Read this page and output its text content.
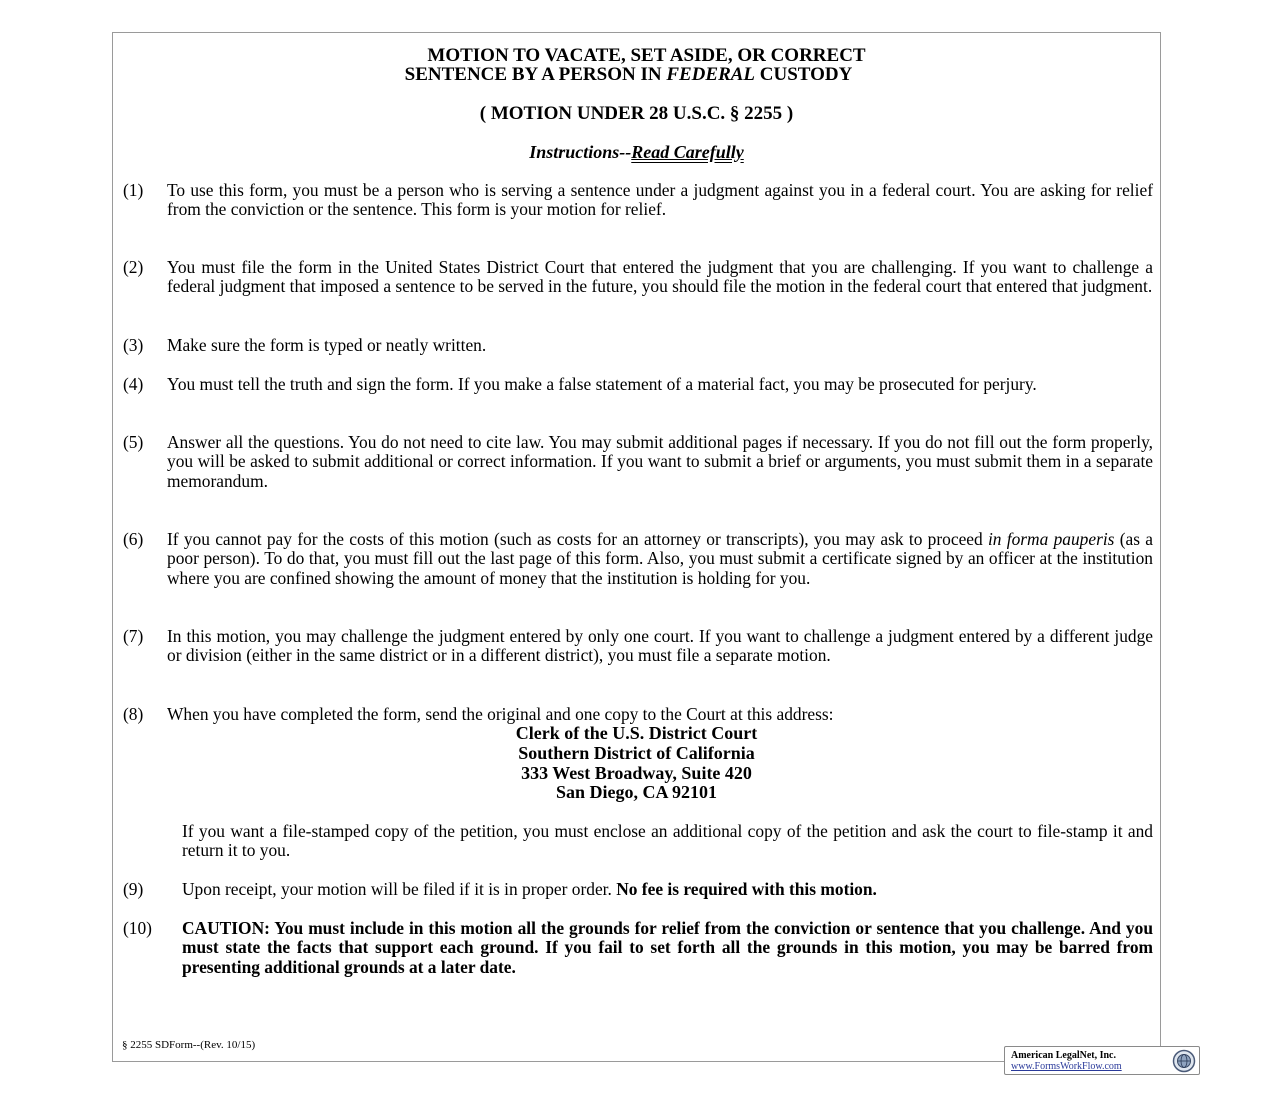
MOTION TO VACATE, SET ASIDE, OR CORRECT
SENTENCE BY A PERSON IN FEDERAL CUSTODY
( MOTION UNDER 28 U.S.C. § 2255 )
Instructions--Read Carefully
(1) To use this form, you must be a person who is serving a sentence under a judgment against you in a federal court. You are asking for relief from the conviction or the sentence. This form is your motion for relief.
(2) You must file the form in the United States District Court that entered the judgment that you are challenging. If you want to challenge a federal judgment that imposed a sentence to be served in the future, you should file the motion in the federal court that entered that judgment.
(3) Make sure the form is typed or neatly written.
(4) You must tell the truth and sign the form. If you make a false statement of a material fact, you may be prosecuted for perjury.
(5) Answer all the questions. You do not need to cite law. You may submit additional pages if necessary. If you do not fill out the form properly, you will be asked to submit additional or correct information. If you want to submit a brief or arguments, you must submit them in a separate memorandum.
(6) If you cannot pay for the costs of this motion (such as costs for an attorney or transcripts), you may ask to proceed in forma pauperis (as a poor person). To do that, you must fill out the last page of this form. Also, you must submit a certificate signed by an officer at the institution where you are confined showing the amount of money that the institution is holding for you.
(7) In this motion, you may challenge the judgment entered by only one court. If you want to challenge a judgment entered by a different judge or division (either in the same district or in a different district), you must file a separate motion.
(8) When you have completed the form, send the original and one copy to the Court at this address:
Clerk of the U.S. District Court
Southern District of California
333 West Broadway, Suite 420
San Diego, CA 92101
If you want a file-stamped copy of the petition, you must enclose an additional copy of the petition and ask the court to file-stamp it and return it to you.
(9) Upon receipt, your motion will be filed if it is in proper order. No fee is required with this motion.
(10) CAUTION: You must include in this motion all the grounds for relief from the conviction or sentence that you challenge. And you must state the facts that support each ground. If you fail to set forth all the grounds in this motion, you may be barred from presenting additional grounds at a later date.
§ 2255 SDForm--(Rev. 10/15)
American LegalNet, Inc.
www.FormsWorkFlow.com
